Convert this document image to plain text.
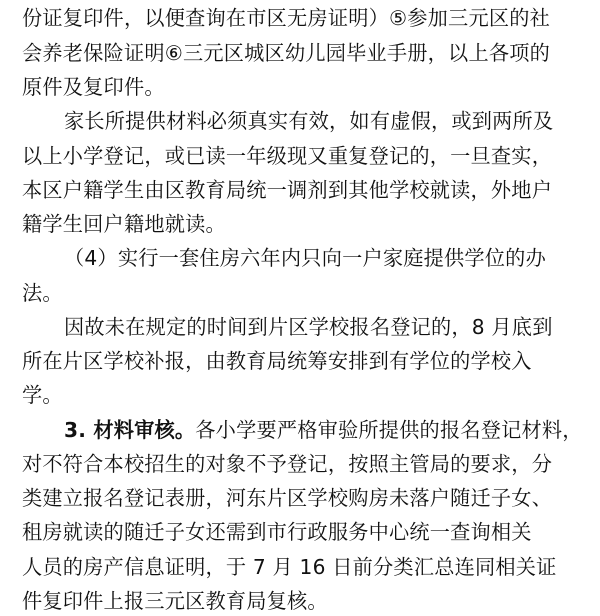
份证复印件，以便查询在市区无房证明）⑤参加三元区的社
会养老保险证明⑥三元区城区幼儿园毕业手册，以上各项的
原件及复印件。
家长所提供材料必须真实有效，如有虚假，或到两所及
以上小学登记，或已读一年级现又重复登记的，一旦查实，
本区户籍学生由区教育局统一调剂到其他学校就读，外地户
籍学生回户籍地就读。
（4）实行一套住房六年内只向一户家庭提供学位的办
法。
因故未在规定的时间到片区学校报名登记的，8 月底到
所在片区学校补报，由教育局统筹安排到有学位的学校入
学。
3. 材料审核。各小学要严格审验所提供的报名登记材料，
对不符合本校招生的对象不予登记，按照主管局的要求，分
类建立报名登记表册，河东片区学校购房未落户随迁子女、
租房就读的随迁子女还需到市行政服务中心统一查询相关
人员的房产信息证明，于 7 月 16 日前分类汇总连同相关证
件复印件上报三元区教育局复核。
